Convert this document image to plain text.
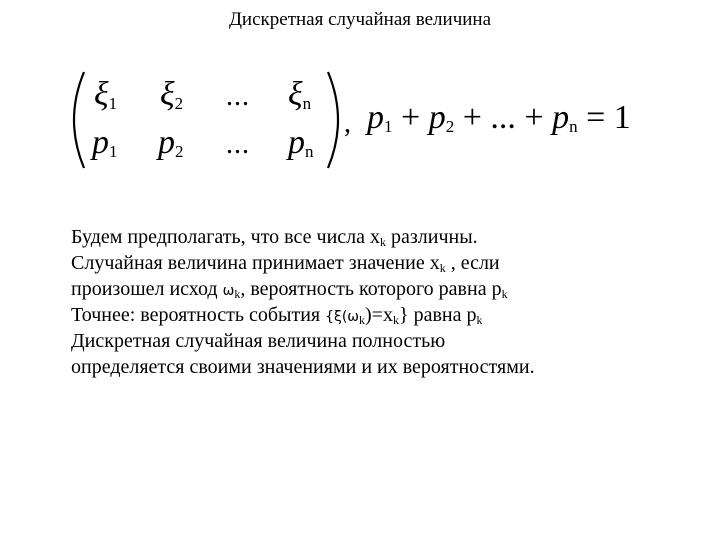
Дискретная случайная величина
$\xi_1$ $\xi_2$ ... $\xi_n$
$p_1$ $p_2$ ... $p_n$
, $p_1 + p_2$ + ... + $p_n = 1$
Будем предполагать, что все числа $x_k$ различны.
Случайная величина принимает значение $x_k$ , если
произошел исход $ѡ_k$, вероятность которого равна $p_k$
Точнее: вероятность события $\{\xi(ѡ_k)=x_k\}$ равна $p_k$
Дискретная случайная величина полностью
определяется своими значениями и их вероятностями.
